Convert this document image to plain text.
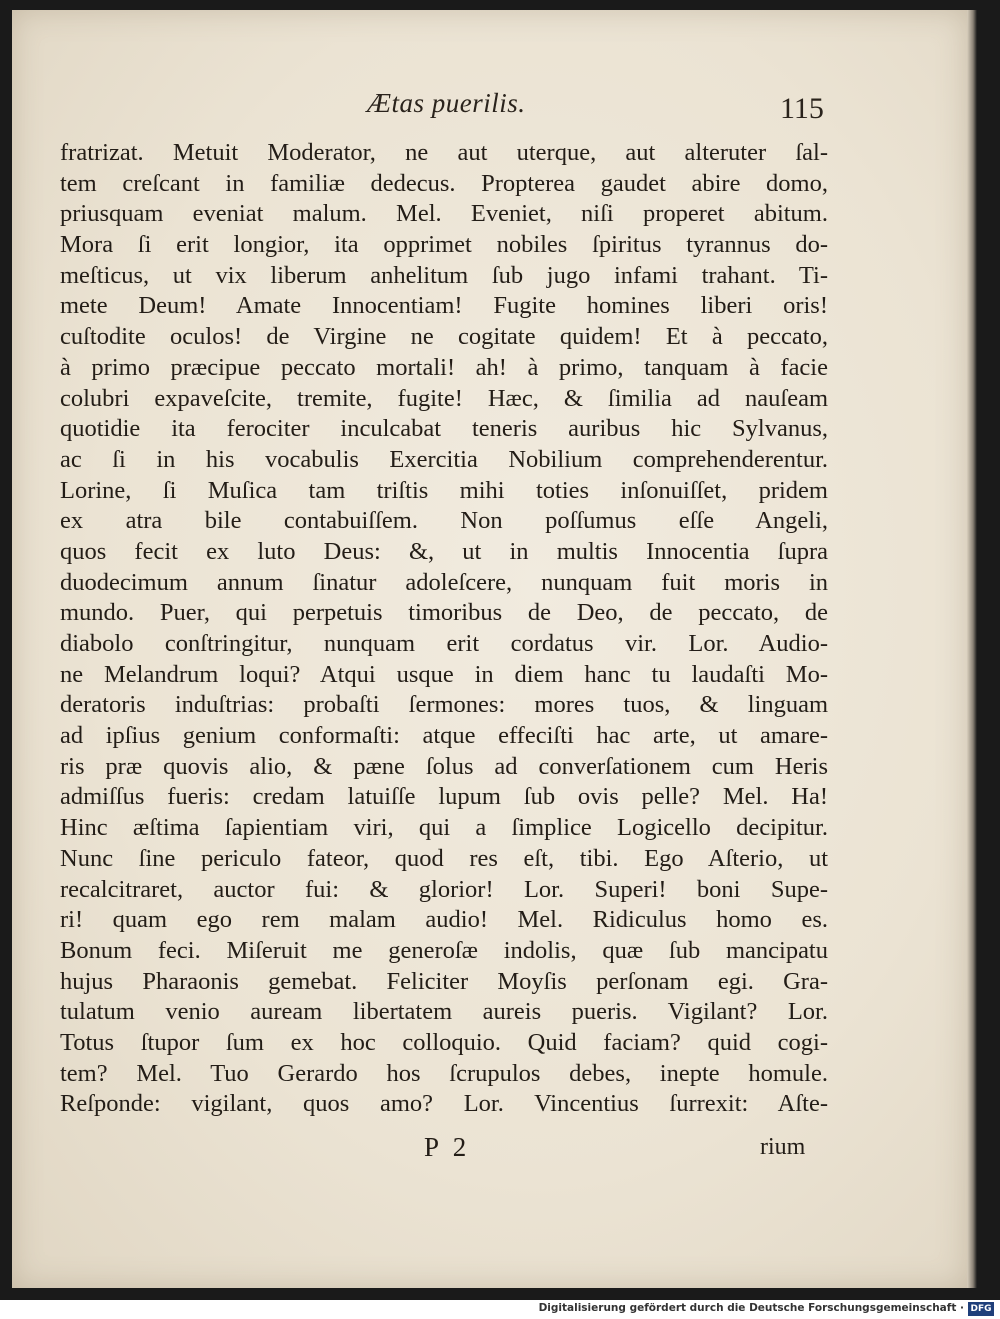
Ætas puerilis.	115
fratrizat. Metuit Moderator, ne aut uterque, aut alteruter ſal-
tem creſcant in familiæ dedecus. Propterea gaudet abire domo,
priusquam eveniat malum. Mel. Eveniet, niſi properet abitum.
Mora ſi erit longior, ita opprimet nobiles ſpiritus tyrannus do-
meſticus, ut vix liberum anhelitum ſub jugo infami trahant. Ti-
mete Deum! Amate Innocentiam! Fugite homines liberi oris!
cuſtodite oculos! de Virgine ne cogitate quidem! Et à peccato,
à primo præcipue peccato mortali! ah! à primo, tanquam à facie
colubri expaveſcite, tremite, fugite! Hæc, & ſimilia ad nauſeam
quotidie ita ferociter inculcabat teneris auribus hic Sylvanus,
ac ſi in his vocabulis Exercitia Nobilium comprehenderentur.
Lorine, ſi Muſica tam triſtis mihi toties inſonuiſſet, pridem
ex atra bile contabuiſſem. Non poſſumus eſſe Angeli,
quos fecit ex luto Deus: &, ut in multis Innocentia ſupra
duodecimum annum ſinatur adoleſcere, nunquam fuit moris in
mundo. Puer, qui perpetuis timoribus de Deo, de peccato, de
diabolo conſtringitur, nunquam erit cordatus vir. Lor. Audio-
ne Melandrum loqui? Atqui usque in diem hanc tu laudaſti Mo-
deratoris induſtrias: probaſti ſermones: mores tuos, & linguam
ad ipſius genium conformaſti: atque effeciſti hac arte, ut amare-
ris præ quovis alio, & pæne ſolus ad converſationem cum Heris
admiſſus fueris: credam latuiſſe lupum ſub ovis pelle? Mel. Ha!
Hinc æſtima ſapientiam viri, qui a ſimplice Logicello decipitur.
Nunc ſine periculo fateor, quod res eſt, tibi. Ego Aſterio, ut
recalcitraret, auctor fui: & glorior! Lor. Superi! boni Supe-
ri! quam ego rem malam audio! Mel. Ridiculus homo es.
Bonum feci. Miſeruit me generoſæ indolis, quæ ſub mancipatu
hujus Pharaonis gemebat. Feliciter Moyſis perſonam egi. Gra-
tulatum venio auream libertatem aureis pueris. Vigilant? Lor.
Totus ſtupor ſum ex hoc colloquio. Quid faciam? quid cogi-
tem? Mel. Tuo Gerardo hos ſcrupulos debes, inepte homule.
Reſponde: vigilant, quos amo? Lor. Vincentius ſurrexit: Aſte-
P 2	rium
Digitalisierung gefördert durch die Deutsche Forschungsgemeinschaft · DFG
